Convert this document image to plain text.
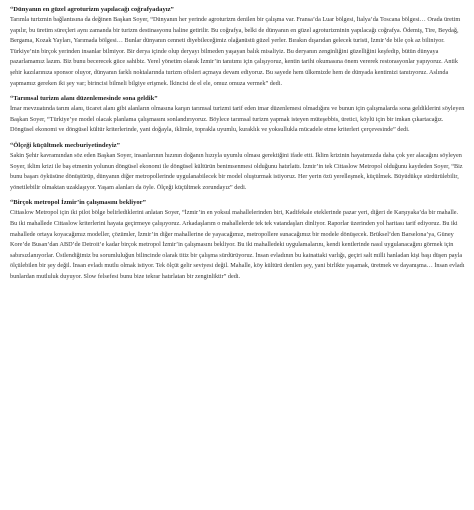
“Dünyanın en güzel agroturizm yapılacağı coğrafyadayız”

Tarımla turizmin bağlantısına da değinen Başkan Soyer, “Dünyanın her yerinde agroturizm denilen bir çalışma var. Fransa’da Luar bölgesi, İtalya’da Toscana bölgesi… Orada üretim yapılır, bu üretim süreçleri aynı zamanda bir turizm destinasyonu haline getirilir. Bu coğrafya, belki de dünyanın en güzel agroturizminin yapılacağı coğrafya. Ödemiş, Tire, Beydağ, Bergama, Kozak Yayları, Yarımada bölgesi… Bunlar dünyanın cenneti diyebileceğimiz olağanüstü güzel yerler. Bırakın dışarıdan gelecek turisti, İzmir’de bile çok az biliniyor. Türkiye’nin birçok yerinden insanlar bilmiyor. Bir derya içinde olup deryayı bilmeden yaşayan balık misaliyiz. Bu deryanın zenginliğini güzelliğini keşfedip, bütün dünyaya pazarlamamız lazım. Biz bunu becerecek güce sahibiz. Yerel yönetim olarak İzmir’in tanıtımı için çalışıyoruz, kentin tarihi okumasına önem vererek restorasyonlar yapıyoruz. Antik şehir kazılarınıza sponsor oluyor, dünyanın farklı noktalarında turizm ofisleri açmaya devam ediyoruz. Bu sayede hem ülkemizde hem de dünyada kentimizi tanıtıyoruz. Aslında yapmamız gereken iki şey var; birincisi bilmeli bilgiye erişmek. İkincisi de el ele, omuz omuza vermek” dedi.

“Tarımsal turizm alanı düzenlemesinde sona geldik”

İmar mevzuatında tarım alanı, ticaret alanı gibi alanların olmasına karşın tarımsal turizmi tarif eden imar düzenlemesi olmadığını ve bunun için çalışmalarda sona geldiklerini söyleyen Başkan Soyer, “Türkiye’ye model olacak planlama çalışmasını sonlandırıyoruz. Böylece tarımsal turizm yapmak isteyen müteşebbis, üretici, köylü için bir imkan çıkartacağız. Döngüsel ekonomi ve döngüsel kültür kriterlerinde, yani doğayla, iklimle, toprakla uyumlu, kuraklık ve yoksullukla mücadele etme kriterleri çerçevesinde” dedi.

“Ölçeği küçültmek mecburiyetindeyiz”

Sakin Şehir kavramından söz eden Başkan Soyer, insanlarının hızının doğanın hızıyla uyumlu olması gerektiğini ifade etti. İklim krizinin hayatımızda daha çok yer alacağını söyleyen Soyer, iklim krizi ile baş etmenin yolunun döngüsel ekonomi ile döngüsel kültürün benimsenmesi olduğunu hatırlattı. İzmir’in tek Cittaslow Metropol olduğunu kaydeden Soyer, “Biz bunu başarı öyküsüne dönüştürüp, dünyanın diğer metropollerinde uygulanabilecek bir model oluşturmak istiyoruz. Her yerin özü yerelleşmek, küçülmek. Büyüdükçe sürdürülebilir, yönetilebilir olmaktan uzaklaşıyor. Yaşam alanları da öyle. Ölçeği küçültmek zorundayız” dedi.

“Birçok metropol İzmir’in çalışmasını bekliyor”

Cittaslow Metropol için iki pilot bölge belirlediklerini anlatan Soyer, “İzmir’in en yoksul mahallelerinden biri, Kadifekale eteklerinde pazar yeri, diğeri de Karşıyaka’da bir mahalle. Bu iki mahallede Cittaslow kriterlerini hayata geçirmeye çalışıyoruz. Arkadaşlarım o mahallelerde tek tek vatandaşları dinliyor. Raporlar üzerinden yol haritası tarif ediyoruz. Bu iki mahallede ortaya koyacağımız modeller, çözümler, İzmir’in diğer mahallerine de yayacağımız, metropollere sunacağımız bir modele dönüşecek. Brüksel’den Barselona’ya, Güney Kore’de Busan’dan ABD’de Detroit’e kadar birçok metropol İzmir’in çalışmasını bekliyor. Bu iki mahalledeki uygulamalarını, kendi kentlerinde nasıl uygulanacağını görmek için sabırsızlanıyorlar. Üstlendiğimiz bu sorumluluğun bilincinde olarak titiz bir çalışma sürdürüyoruz. İnsan evladının bu kainattaki varlığı, geçiri salt milli hanladan kişi başı düşen payla ölçülebilen bir şey değil. İnsan evladı mutlu olmak istiyor. Tek ölçüt gelir seviyesi değil. Mahalle, köy kültürü denilen şey, yani birlikte yaşamak, üretmek ve dayanışma… İnsan evladı bunlardan mutluluk duyuyor. Slow felsefesi bunu bize tekrar hatırlatan bir zenginliktir” dedi.
